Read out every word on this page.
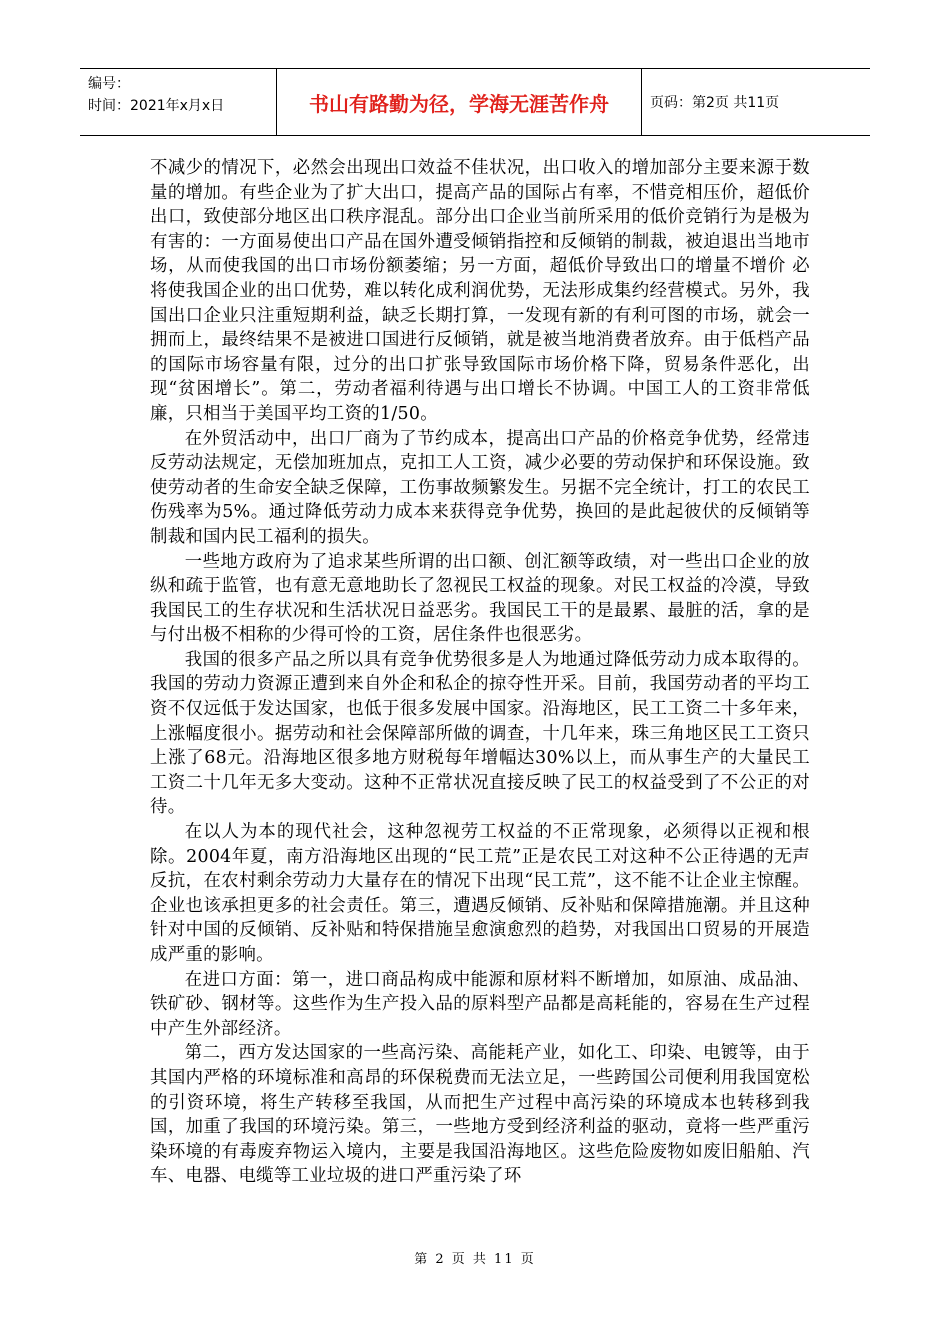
编号：
时间：2021年x月x日	书山有路勤为径，学海无涯苦作舟	页码：第2页 共11页

不减少的情况下，必然会出现出口效益不佳状况，出口收入的增加部分主要来源于数量的增加。有些企业为了扩大出口，提高产品的国际占有率，不惜竞相压价，超低价出口，致使部分地区出口秩序混乱。部分出口企业当前所采用的低价竞销行为是极为有害的：一方面易使出口产品在国外遭受倾销指控和反倾销的制裁，被迫退出当地市场，从而使我国的出口市场份额萎缩；另一方面，超低价导致出口的增量不增价 必将使我国企业的出口优势，难以转化成利润优势，无法形成集约经营模式。另外，我国出口企业只注重短期利益，缺乏长期打算，一发现有新的有利可图的市场，就会一拥而上，最终结果不是被进口国进行反倾销，就是被当地消费者放弃。由于低档产品的国际市场容量有限，过分的出口扩张导致国际市场价格下降，贸易条件恶化，出现“贫困增长”。第二，劳动者福利待遇与出口增长不协调。中国工人的工资非常低廉，只相当于美国平均工资的1/50。

在外贸活动中，出口厂商为了节约成本，提高出口产品的价格竞争优势，经常违反劳动法规定，无偿加班加点，克扣工人工资，减少必要的劳动保护和环保设施。致使劳动者的生命安全缺乏保障，工伤事故频繁发生。另据不完全统计，打工的农民工伤残率为5%。通过降低劳动力成本来获得竞争优势，换回的是此起彼伏的反倾销等制裁和国内民工福利的损失。

一些地方政府为了追求某些所谓的出口额、创汇额等政绩，对一些出口企业的放纵和疏于监管，也有意无意地助长了忽视民工权益的现象。对民工权益的冷漠，导致我国民工的生存状况和生活状况日益恶劣。我国民工干的是最累、最脏的活，拿的是与付出极不相称的少得可怜的工资，居住条件也很恶劣。

我国的很多产品之所以具有竞争优势很多是人为地通过降低劳动力成本取得的。我国的劳动力资源正遭到来自外企和私企的掠夺性开采。目前，我国劳动者的平均工资不仅远低于发达国家，也低于很多发展中国家。沿海地区，民工工资二十多年来，上涨幅度很小。据劳动和社会保障部所做的调查，十几年来，珠三角地区民工工资只上涨了68元。沿海地区很多地方财税每年增幅达30%以上，而从事生产的大量民工工资二十几年无多大变动。这种不正常状况直接反映了民工的权益受到了不公正的对待。

在以人为本的现代社会，这种忽视劳工权益的不正常现象，必须得以正视和根除。2004年夏，南方沿海地区出现的“民工荒”正是农民工对这种不公正待遇的无声反抗，在农村剩余劳动力大量存在的情况下出现“民工荒”，这不能不让企业主惊醒。企业也该承担更多的社会责任。第三，遭遇反倾销、反补贴和保障措施潮。并且这种针对中国的反倾销、反补贴和特保措施呈愈演愈烈的趋势，对我国出口贸易的开展造成严重的影响。

在进口方面：第一，进口商品构成中能源和原材料不断增加，如原油、成品油、铁矿砂、钢材等。这些作为生产投入品的原料型产品都是高耗能的，容易在生产过程中产生外部经济。

第二，西方发达国家的一些高污染、高能耗产业，如化工、印染、电镀等，由于其国内严格的环境标准和高昂的环保税费而无法立足，一些跨国公司便利用我国宽松的引资环境，将生产转移至我国，从而把生产过程中高污染的环境成本也转移到我国，加重了我国的环境污染。第三，一些地方受到经济利益的驱动，竟将一些严重污染环境的有毒废弃物运入境内，主要是我国沿海地区。这些危险废物如废旧船舶、汽车、电器、电缆等工业垃圾的进口严重污染了环

第 2 页 共 11 页
